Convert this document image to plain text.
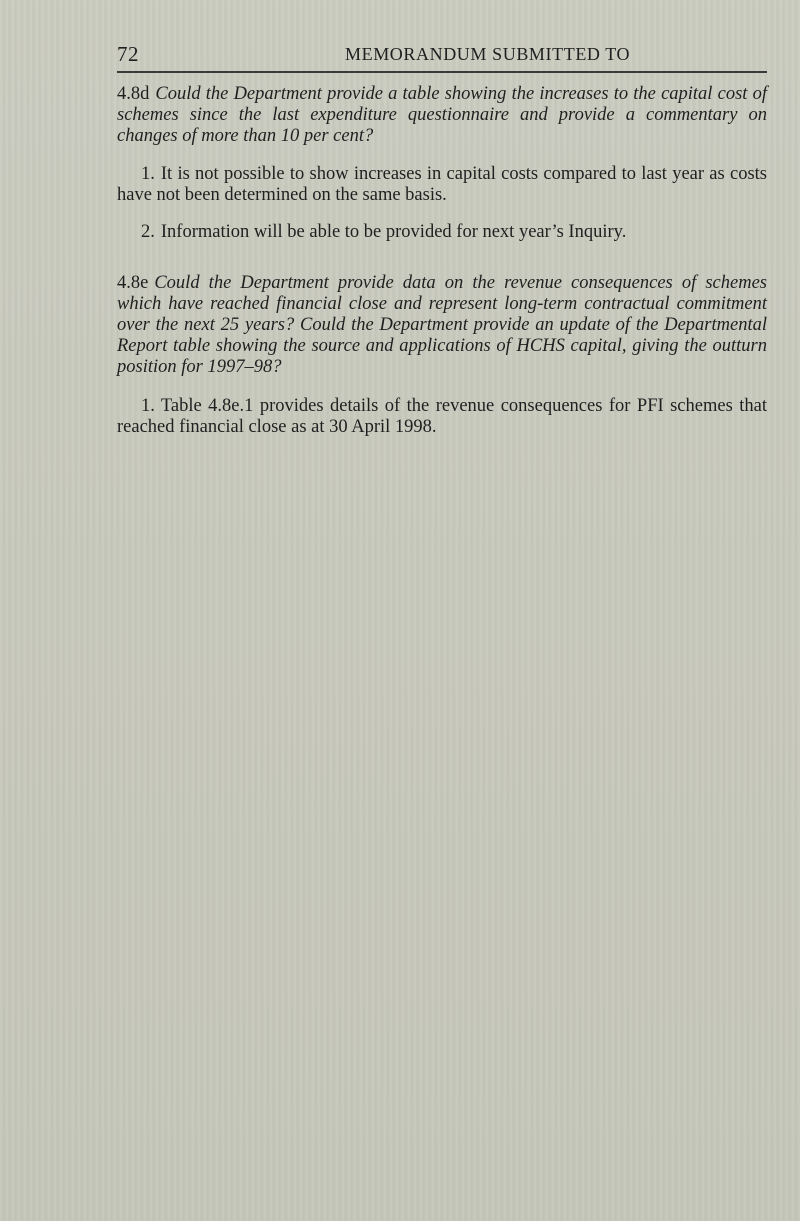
72	MEMORANDUM SUBMITTED TO

4.8d Could the Department provide a table showing the increases to the capital cost of schemes since the last expenditure questionnaire and provide a commentary on changes of more than 10 per cent?

1. It is not possible to show increases in capital costs compared to last year as costs have not been determined on the same basis.

2. Information will be able to be provided for next year’s Inquiry.

4.8e Could the Department provide data on the revenue consequences of schemes which have reached financial close and represent long-term contractual commitment over the next 25 years? Could the Department provide an update of the Departmental Report table showing the source and applications of HCHS capital, giving the outturn position for 1997–98?

1. Table 4.8e.1 provides details of the revenue consequences for PFI schemes that reached financial close as at 30 April 1998.
